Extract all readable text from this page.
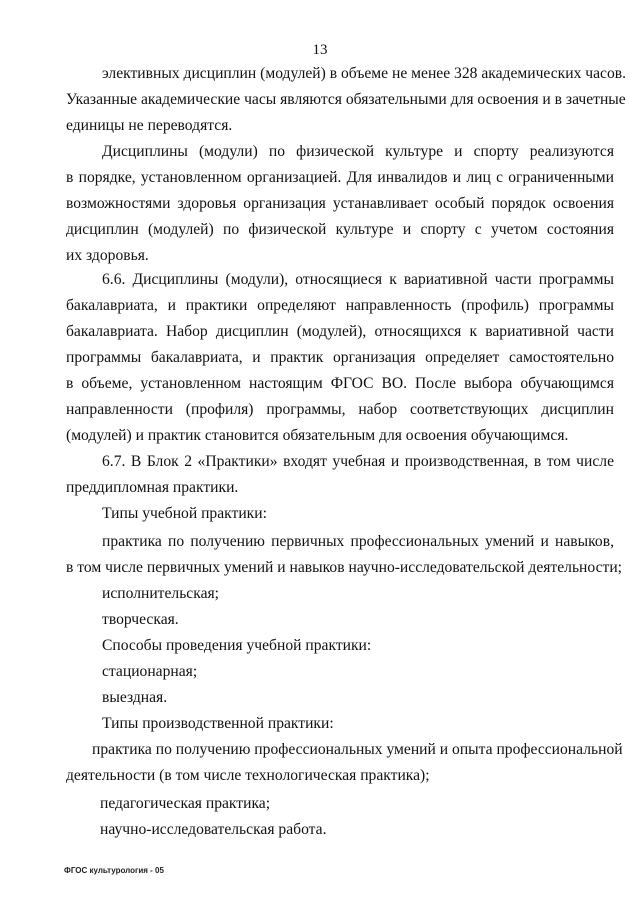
13
элективных дисциплин (модулей) в объеме не менее 328 академических часов.
Указанные академические часы являются обязательными для освоения и в зачетные
единицы не переводятся.
Дисциплины (модули) по физической культуре и спорту реализуются
в порядке, установленном организацией. Для инвалидов и лиц с ограниченными
возможностями здоровья организация устанавливает особый порядок освоения
дисциплин (модулей) по физической культуре и спорту с учетом состояния
их здоровья.
6.6. Дисциплины (модули), относящиеся к вариативной части программы
бакалавриата, и практики определяют направленность (профиль) программы
бакалавриата. Набор дисциплин (модулей), относящихся к вариативной части
программы бакалавриата, и практик организация определяет самостоятельно
в объеме, установленном настоящим ФГОС ВО. После выбора обучающимся
направленности (профиля) программы, набор соответствующих дисциплин
(модулей) и практик становится обязательным для освоения обучающимся.
6.7. В Блок 2 «Практики» входят учебная и производственная, в том числе
преддипломная практики.
Типы учебной практики:
практика по получению первичных профессиональных умений и навыков,
в том числе первичных умений и навыков научно-исследовательской деятельности;
исполнительская;
творческая.
Способы проведения учебной практики:
стационарная;
выездная.
Типы производственной практики:
практика по получению профессиональных умений и опыта профессиональной
деятельности (в том числе технологическая практика);
педагогическая практика;
научно-исследовательская работа.
ФГОС культурология - 05
